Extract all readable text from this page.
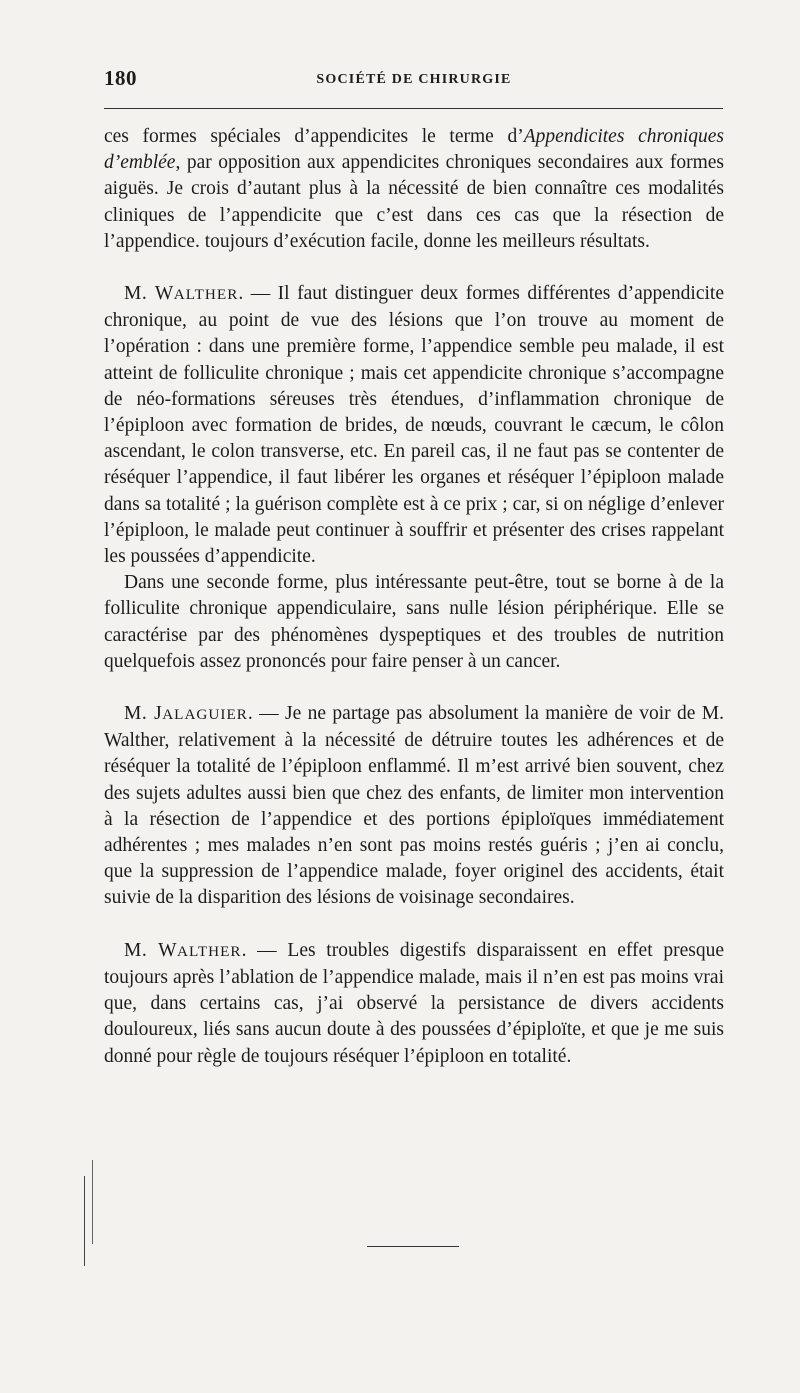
180	SOCIÉTÉ DE CHIRURGIE

ces formes spéciales d’appendicites le terme d’Appendicites chroniques d’emblée, par opposition aux appendicites chroniques secondaires aux formes aiguës. Je crois d’autant plus à la nécessité de bien connaître ces modalités cliniques de l’appendicite que c’est dans ces cas que la résection de l’appendice. toujours d’exécution facile, donne les meilleurs résultats.

M. WALTHER. — Il faut distinguer deux formes différentes d’appendicite chronique, au point de vue des lésions que l’on trouve au moment de l’opération : dans une première forme, l’appendice semble peu malade, il est atteint de folliculite chronique ; mais cet appendicite chronique s’accompagne de néo-formations séreuses très étendues, d’inflammation chronique de l’épiploon avec formation de brides, de nœuds, couvrant le cæcum, le côlon ascendant, le colon transverse, etc. En pareil cas, il ne faut pas se contenter de réséquer l’appendice, il faut libérer les organes et réséquer l’épiploon malade dans sa totalité ; la guérison complète est à ce prix ; car, si on néglige d’enlever l’épiploon, le malade peut continuer à souffrir et présenter des crises rappelant les poussées d’appendicite.

Dans une seconde forme, plus intéressante peut-être, tout se borne à de la folliculite chronique appendiculaire, sans nulle lésion périphérique. Elle se caractérise par des phénomènes dyspeptiques et des troubles de nutrition quelquefois assez prononcés pour faire penser à un cancer.

M. JALAGUIER. — Je ne partage pas absolument la manière de voir de M. Walther, relativement à la nécessité de détruire toutes les adhérences et de réséquer la totalité de l’épiploon enflammé. Il m’est arrivé bien souvent, chez des sujets adultes aussi bien que chez des enfants, de limiter mon intervention à la résection de l’appendice et des portions épiploïques immédiatement adhérentes ; mes malades n’en sont pas moins restés guéris ; j’en ai conclu, que la suppression de l’appendice malade, foyer originel des accidents, était suivie de la disparition des lésions de voisinage secondaires.

M. WALTHER. — Les troubles digestifs disparaissent en effet presque toujours après l’ablation de l’appendice malade, mais il n’en est pas moins vrai que, dans certains cas, j’ai observé la persistance de divers accidents douloureux, liés sans aucun doute à des poussées d’épiploïte, et que je me suis donné pour règle de toujours réséquer l’épiploon en totalité.
